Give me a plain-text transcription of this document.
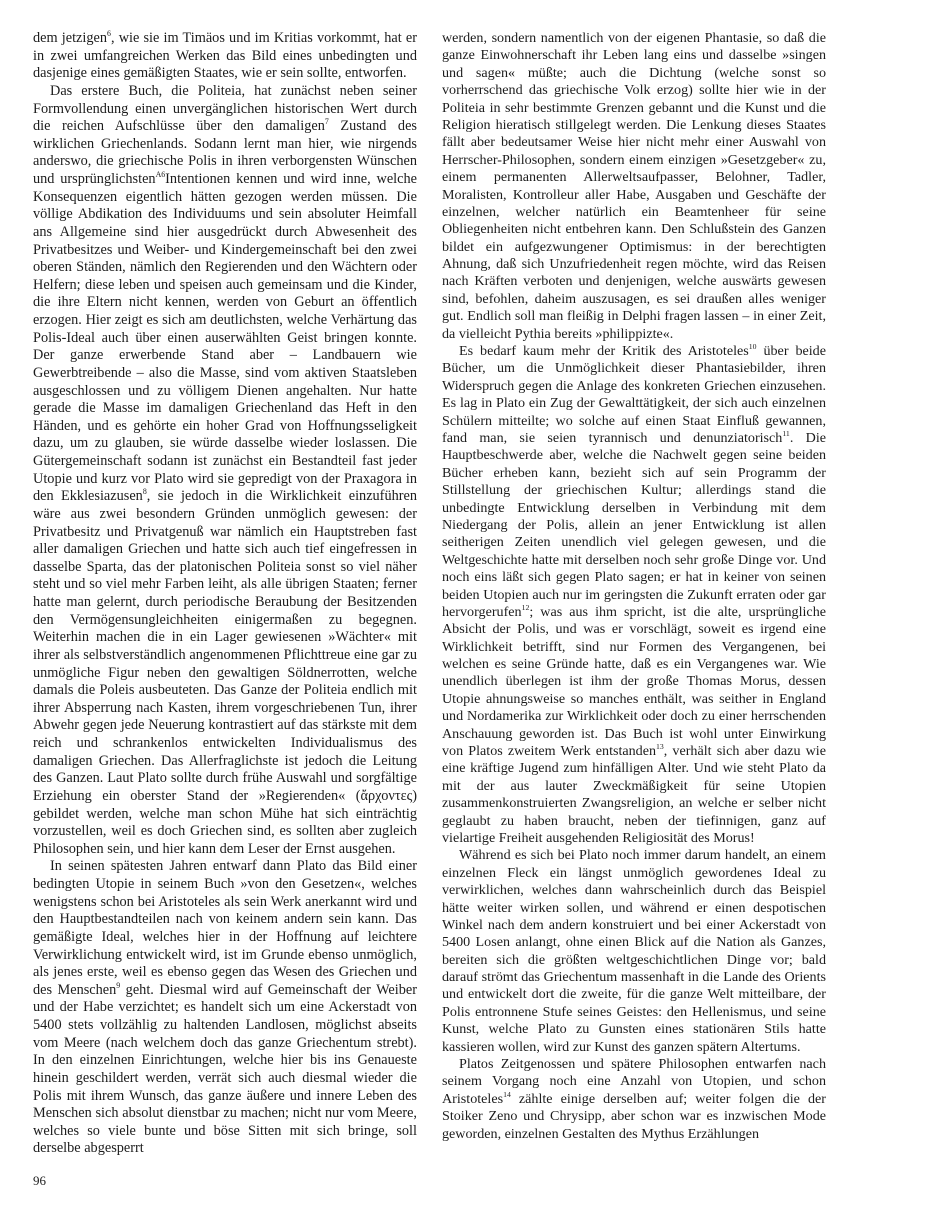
dem jetzigen$^6$, wie sie im Timäos und im Kritias vorkommt, hat er in zwei umfangreichen Werken das Bild eines unbedingten und dasjenige eines gemäßigten Staates, wie er sein sollte, entworfen.

Das erstere Buch, die Politeia, hat zunächst neben seiner Formvollendung einen unvergänglichen historischen Wert durch die reichen Aufschlüsse über den damaligen$^7$ Zustand des wirklichen Griechenlands. Sodann lernt man hier, wie nirgends anderswo, die griechische Polis in ihren verborgensten Wünschen und ursprünglichsten$^{A6}$Intentionen kennen und wird inne, welche Konsequenzen eigentlich hätten gezogen werden müssen. Die völlige Abdikation des Individuums und sein absoluter Heimfall ans Allgemeine sind hier ausgedrückt durch Abwesenheit des Privatbesitzes und Weiber- und Kindergemeinschaft bei den zwei oberen Ständen, nämlich den Regierenden und den Wächtern oder Helfern; diese leben und speisen auch gemeinsam und die Kinder, die ihre Eltern nicht kennen, werden von Geburt an öffentlich erzogen. Hier zeigt es sich am deutlichsten, welche Verhärtung das Polis-Ideal auch über einen auserwählten Geist bringen konnte. Der ganze erwerbende Stand aber – Landbauern wie Gewerbtreibende – also die Masse, sind vom aktiven Staatsleben ausgeschlossen und zu völligem Dienen angehalten. Nur hatte gerade die Masse im damaligen Griechenland das Heft in den Händen, und es gehörte ein hoher Grad von Hoffnungsseligkeit dazu, um zu glauben, sie würde dasselbe wieder loslassen. Die Gütergemeinschaft sodann ist zunächst ein Bestandteil fast jeder Utopie und kurz vor Plato wird sie gepredigt von der Praxagora in den Ekklesiazusen$^8$, sie jedoch in die Wirklichkeit einzuführen wäre aus zwei besondern Gründen unmöglich gewesen: der Privatbesitz und Privatgenuß war nämlich ein Hauptstreben fast aller damaligen Griechen und hatte sich auch tief eingefressen in dasselbe Sparta, das der platonischen Politeia sonst so viel näher steht und so viel mehr Farben leiht, als alle übrigen Staaten; ferner hatte man gelernt, durch periodische Beraubung der Besitzenden den Vermögensungleichheiten einigermaßen zu begegnen. Weiterhin machen die in ein Lager gewiesenen »Wächter« mit ihrer als selbstverständlich angenommenen Pflichttreue eine gar zu unmögliche Figur neben den gewaltigen Söldnerrotten, welche damals die Poleis ausbeuteten. Das Ganze der Politeia endlich mit ihrer Absperrung nach Kasten, ihrem vorgeschriebenen Tun, ihrer Abwehr gegen jede Neuerung kontrastiert auf das stärkste mit dem reich und schrankenlos entwickelten Individualismus des damaligen Griechen. Das Allerfraglichste ist jedoch die Leitung des Ganzen. Laut Plato sollte durch frühe Auswahl und sorgfältige Erziehung ein oberster Stand der »Regierenden« (ἄρχοντες) gebildet werden, welche man schon Mühe hat sich einträchtig vorzustellen, weil es doch Griechen sind, es sollten aber zugleich Philosophen sein, und hier kann dem Leser der Ernst ausgehen.

In seinen spätesten Jahren entwarf dann Plato das Bild einer bedingten Utopie in seinem Buch »von den Gesetzen«, welches wenigstens schon bei Aristoteles als sein Werk anerkannt wird und den Hauptbestandteilen nach von keinem andern sein kann. Das gemäßigte Ideal, welches hier in der Hoffnung auf leichtere Verwirklichung entwickelt wird, ist im Grunde ebenso unmöglich, als jenes erste, weil es ebenso gegen das Wesen des Griechen und des Menschen$^9$ geht. Diesmal wird auf Gemeinschaft der Weiber und der Habe verzichtet; es handelt sich um eine Ackerstadt von 5400 stets vollzählig zu haltenden Landlosen, möglichst abseits vom Meere (nach welchem doch das ganze Griechentum strebt). In den einzelnen Einrichtungen, welche hier bis ins Genaueste hinein geschildert werden, verrät sich auch diesmal wieder die Polis mit ihrem Wunsch, das ganze äußere und innere Leben des Menschen sich absolut dienstbar zu machen; nicht nur vom Meere, welches so viele bunte und böse Sitten mit sich bringe, soll derselbe abgesperrt

werden, sondern namentlich von der eigenen Phantasie, so daß die ganze Einwohnerschaft ihr Leben lang eins und dasselbe »singen und sagen« müßte; auch die Dichtung (welche sonst so vorherrschend das griechische Volk erzog) sollte hier wie in der Politeia in sehr bestimmte Grenzen gebannt und die Kunst und die Religion hieratisch stillgelegt werden. Die Lenkung dieses Staates fällt aber bedeutsamer Weise hier nicht mehr einer Auswahl von Herrscher-Philosophen, sondern einem einzigen »Gesetzgeber« zu, einem permanenten Allerweltsaufpasser, Belohner, Tadler, Moralisten, Kontrolleur aller Habe, Ausgaben und Geschäfte der einzelnen, welcher natürlich ein Beamtenheer für seine Obliegenheiten nicht entbehren kann. Den Schlußstein des Ganzen bildet ein aufgezwungener Optimismus: in der berechtigten Ahnung, daß sich Unzufriedenheit regen möchte, wird das Reisen nach Kräften verboten und denjenigen, welche auswärts gewesen sind, befohlen, daheim auszusagen, es sei draußen alles weniger gut. Endlich soll man fleißig in Delphi fragen lassen – in einer Zeit, da vielleicht Pythia bereits »philippizte«.

Es bedarf kaum mehr der Kritik des Aristoteles$^{10}$ über beide Bücher, um die Unmöglichkeit dieser Phantasiebilder, ihren Widerspruch gegen die Anlage des konkreten Griechen einzusehen. Es lag in Plato ein Zug der Gewalttätigkeit, der sich auch einzelnen Schülern mitteilte; wo solche auf einen Staat Einfluß gewannen, fand man, sie seien tyrannisch und denunziatorisch$^{11}$. Die Hauptbeschwerde aber, welche die Nachwelt gegen seine beiden Bücher erheben kann, bezieht sich auf sein Programm der Stillstellung der griechischen Kultur; allerdings stand die unbedingte Entwicklung derselben in Verbindung mit dem Niedergang der Polis, allein an jener Entwicklung ist allen seitherigen Zeiten unendlich viel gelegen gewesen, und die Weltgeschichte hatte mit derselben noch sehr große Dinge vor. Und noch eins läßt sich gegen Plato sagen; er hat in keiner von seinen beiden Utopien auch nur im geringsten die Zukunft erraten oder gar hervorgerufen$^{12}$; was aus ihm spricht, ist die alte, ursprüngliche Absicht der Polis, und was er vorschlägt, soweit es irgend eine Wirklichkeit betrifft, sind nur Formen des Vergangenen, bei welchen es seine Gründe hatte, daß es ein Vergangenes war. Wie unendlich überlegen ist ihm der große Thomas Morus, dessen Utopie ahnungsweise so manches enthält, was seither in England und Nordamerika zur Wirklichkeit oder doch zu einer herrschenden Anschauung geworden ist. Das Buch ist wohl unter Einwirkung von Platos zweitem Werk entstanden$^{13}$, verhält sich aber dazu wie eine kräftige Jugend zum hinfälligen Alter. Und wie steht Plato da mit der aus lauter Zweckmäßigkeit für seine Utopien zusammenkonstruierten Zwangsreligion, an welche er selber nicht geglaubt zu haben braucht, neben der tiefinnigen, ganz auf vielartige Freiheit ausgehenden Religiosität des Morus!

Während es sich bei Plato noch immer darum handelt, an einem einzelnen Fleck ein längst unmöglich gewordenes Ideal zu verwirklichen, welches dann wahrscheinlich durch das Beispiel hätte weiter wirken sollen, und während er einen despotischen Winkel nach dem andern konstruiert und bei einer Ackerstadt von 5400 Losen anlangt, ohne einen Blick auf die Nation als Ganzes, bereiten sich die größten weltgeschichtlichen Dinge vor; bald darauf strömt das Griechentum massenhaft in die Lande des Orients und entwickelt dort die zweite, für die ganze Welt mitteilbare, der Polis entronnene Stufe seines Geistes: den Hellenismus, und seine Kunst, welche Plato zu Gunsten eines stationären Stils hatte kassieren wollen, wird zur Kunst des ganzen spätern Altertums.

Platos Zeitgenossen und spätere Philosophen entwarfen nach seinem Vorgang noch eine Anzahl von Utopien, und schon Aristoteles$^{14}$ zählte einige derselben auf; weiter folgen die der Stoiker Zeno und Chrysipp, aber schon war es inzwischen Mode geworden, einzelnen Gestalten des Mythus Erzählungen

96
